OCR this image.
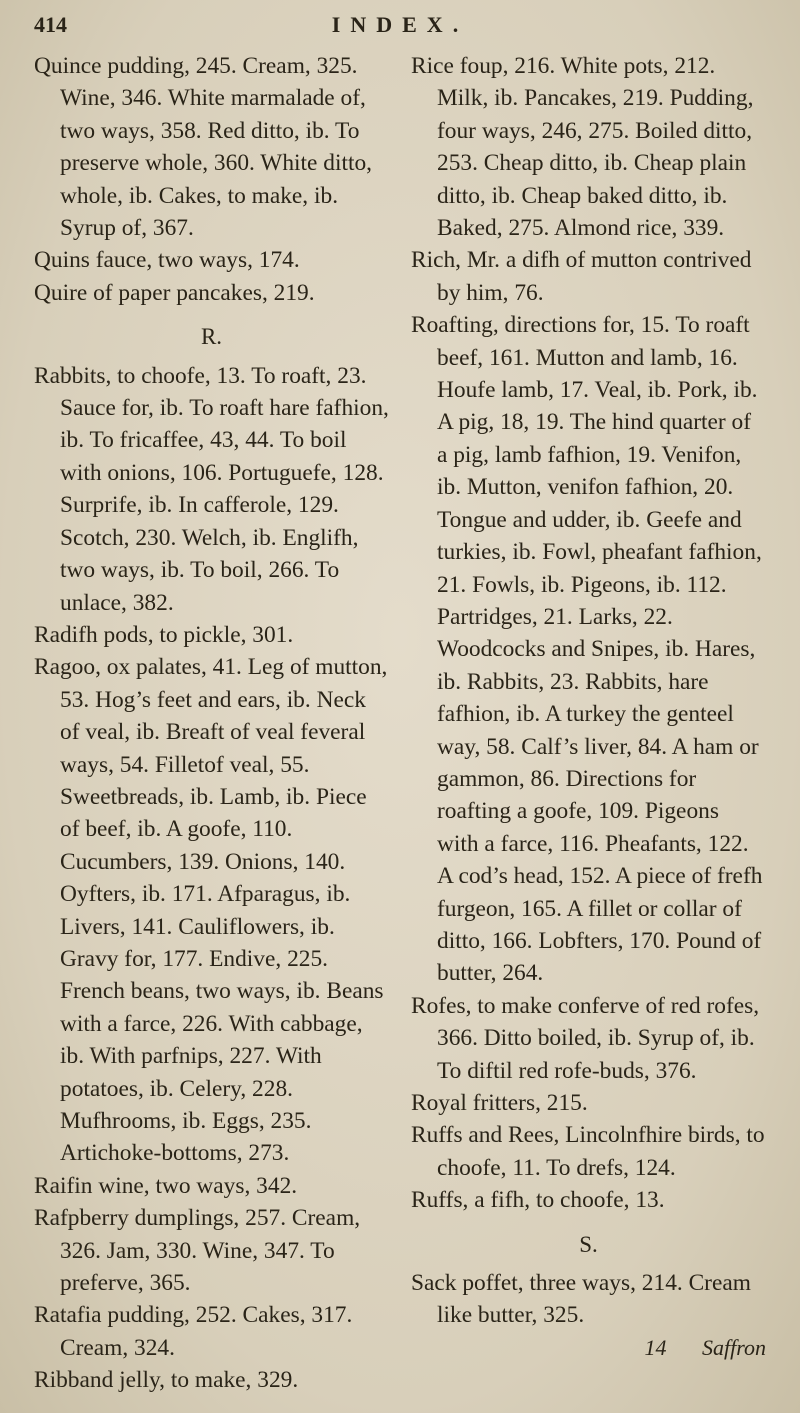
414	INDEX.

Quince pudding, 245. Cream, 325. Wine, 346. White marmalade of, two ways, 358. Red ditto, ib. To preserve whole, 360. White ditto, whole, ib. Cakes, to make, ib. Syrup of, 367.

Quins fauce, two ways, 174.

Quire of paper pancakes, 219.

R.

Rabbits, to choofe, 13. To roaft, 23. Sauce for, ib. To roaft hare fafhion, ib. To fricaffee, 43, 44. To boil with onions, 106. Portuguefe, 128. Surprife, ib. In cafferole, 129. Scotch, 230. Welch, ib. Englifh, two ways, ib. To boil, 266. To unlace, 382.

Radifh pods, to pickle, 301.

Ragoo, ox palates, 41. Leg of mutton, 53. Hog’s feet and ears, ib. Neck of veal, ib. Breaft of veal feveral ways, 54. Filletof veal, 55. Sweetbreads, ib. Lamb, ib. Piece of beef, ib. A goofe, 110. Cucumbers, 139. Onions, 140. Oyfters, ib. 171. Afparagus, ib. Livers, 141. Cauliflowers, ib. Gravy for, 177. Endive, 225. French beans, two ways, ib. Beans with a farce, 226. With cabbage, ib. With parfnips, 227. With potatoes, ib. Celery, 228. Mufhrooms, ib. Eggs, 235. Artichoke-bottoms, 273.

Raifin wine, two ways, 342.

Rafpberry dumplings, 257. Cream, 326. Jam, 330. Wine, 347. To preferve, 365.

Ratafia pudding, 252. Cakes, 317. Cream, 324.

Ribband jelly, to make, 329.

Rice foup, 216. White pots, 212. Milk, ib. Pancakes, 219. Pudding, four ways, 246, 275. Boiled ditto, 253. Cheap ditto, ib. Cheap plain ditto, ib. Cheap baked ditto, ib. Baked, 275. Almond rice, 339.

Rich, Mr. a difh of mutton contrived by him, 76.

Roafting, directions for, 15. To roaft beef, 161. Mutton and lamb, 16. Houfe lamb, 17. Veal, ib. Pork, ib. A pig, 18, 19. The hind quarter of a pig, lamb fafhion, 19. Venifon, ib. Mutton, venifon fafhion, 20. Tongue and udder, ib. Geefe and turkies, ib. Fowl, pheafant fafhion, 21. Fowls, ib. Pigeons, ib. 112. Partridges, 21. Larks, 22. Woodcocks and Snipes, ib. Hares, ib. Rabbits, 23. Rabbits, hare fafhion, ib. A turkey the genteel way, 58. Calf’s liver, 84. A ham or gammon, 86. Directions for roafting a goofe, 109. Pigeons with a farce, 116. Pheafants, 122. A cod’s head, 152. A piece of frefh furgeon, 165. A fillet or collar of ditto, 166. Lobfters, 170. Pound of butter, 264.

Rofes, to make conferve of red rofes, 366. Ditto boiled, ib. Syrup of, ib. To diftil red rofe-buds, 376.

Royal fritters, 215.

Ruffs and Rees, Lincolnfhire birds, to choofe, 11. To drefs, 124.

Ruffs, a fifh, to choofe, 13.

S.

Sack poffet, three ways, 214. Cream like butter, 325.

14 Saffron
